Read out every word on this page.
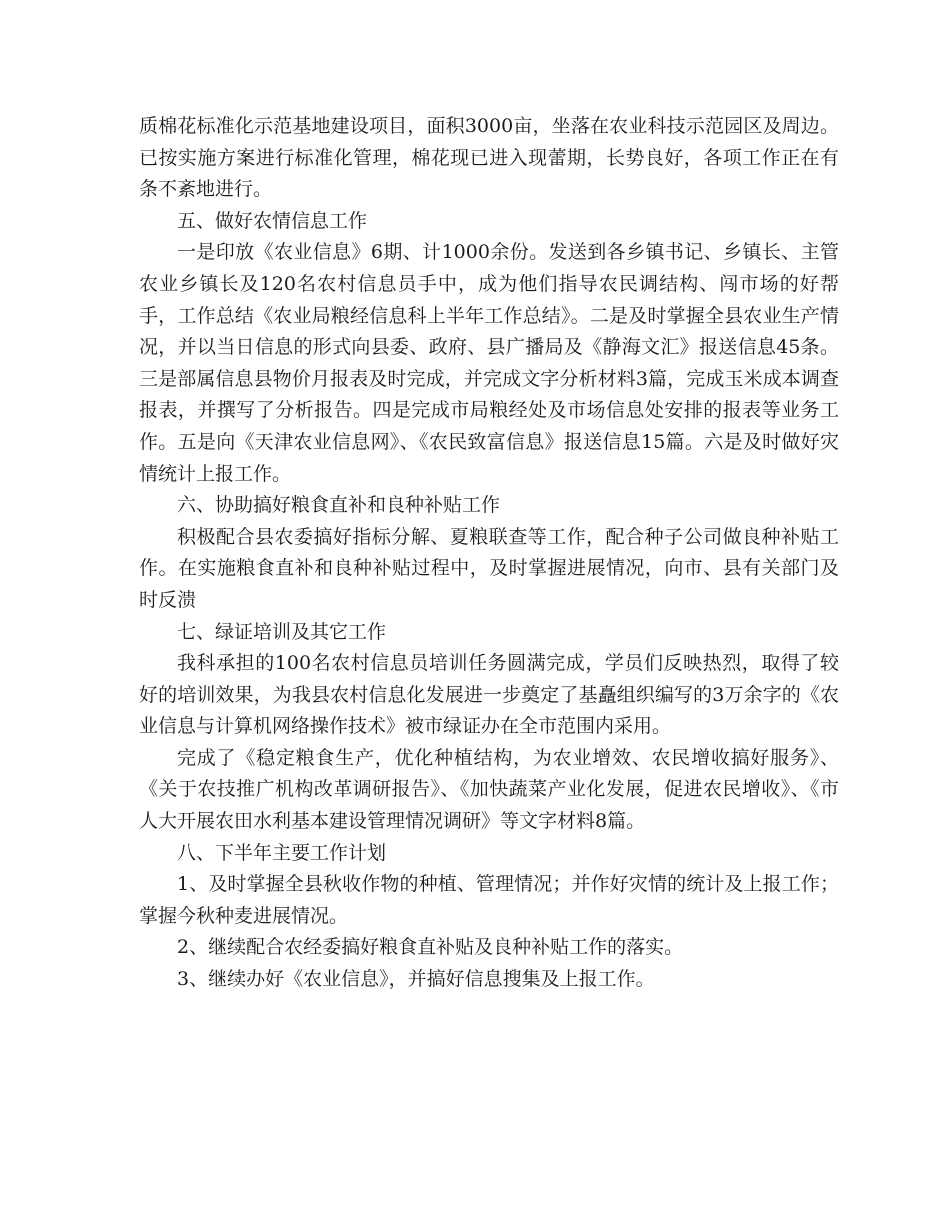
质棉花标准化示范基地建设项目，面积3000亩，坐落在农业科技示范园区及周边。已按实施方案进行标准化管理，棉花现已进入现蕾期，长势良好，各项工作正在有条不紊地进行。

五、做好农情信息工作

一是印放《农业信息》6期、计1000余份。发送到各乡镇书记、乡镇长、主管农业乡镇长及120名农村信息员手中，成为他们指导农民调结构、闯市场的好帮手，工作总结《农业局粮经信息科上半年工作总结》。二是及时掌握全县农业生产情况，并以当日信息的形式向县委、政府、县广播局及《静海文汇》报送信息45条。三是部属信息县物价月报表及时完成，并完成文字分析材料3篇，完成玉米成本调查报表，并撰写了分析报告。四是完成市局粮经处及市场信息处安排的报表等业务工作。五是向《天津农业信息网》、《农民致富信息》报送信息15篇。六是及时做好灾情统计上报工作。

六、协助搞好粮食直补和良种补贴工作

积极配合县农委搞好指标分解、夏粮联查等工作，配合种子公司做良种补贴工作。在实施粮食直补和良种补贴过程中，及时掌握进展情况，向市、县有关部门及时反溃

七、绿证培训及其它工作

我科承担的100名农村信息员培训任务圆满完成，学员们反映热烈，取得了较好的培训效果，为我县农村信息化发展进一步奠定了基矗组织编写的3万余字的《农业信息与计算机网络操作技术》被市绿证办在全市范围内采用。

完成了《稳定粮食生产，优化种植结构，为农业增效、农民增收搞好服务》、《关于农技推广机构改革调研报告》、《加快蔬菜产业化发展，促进农民增收》、《市人大开展农田水利基本建设管理情况调研》等文字材料8篇。

八、下半年主要工作计划

1、及时掌握全县秋收作物的种植、管理情况；并作好灾情的统计及上报工作；掌握今秋种麦进展情况。

2、继续配合农经委搞好粮食直补贴及良种补贴工作的落实。

3、继续办好《农业信息》，并搞好信息搜集及上报工作。
